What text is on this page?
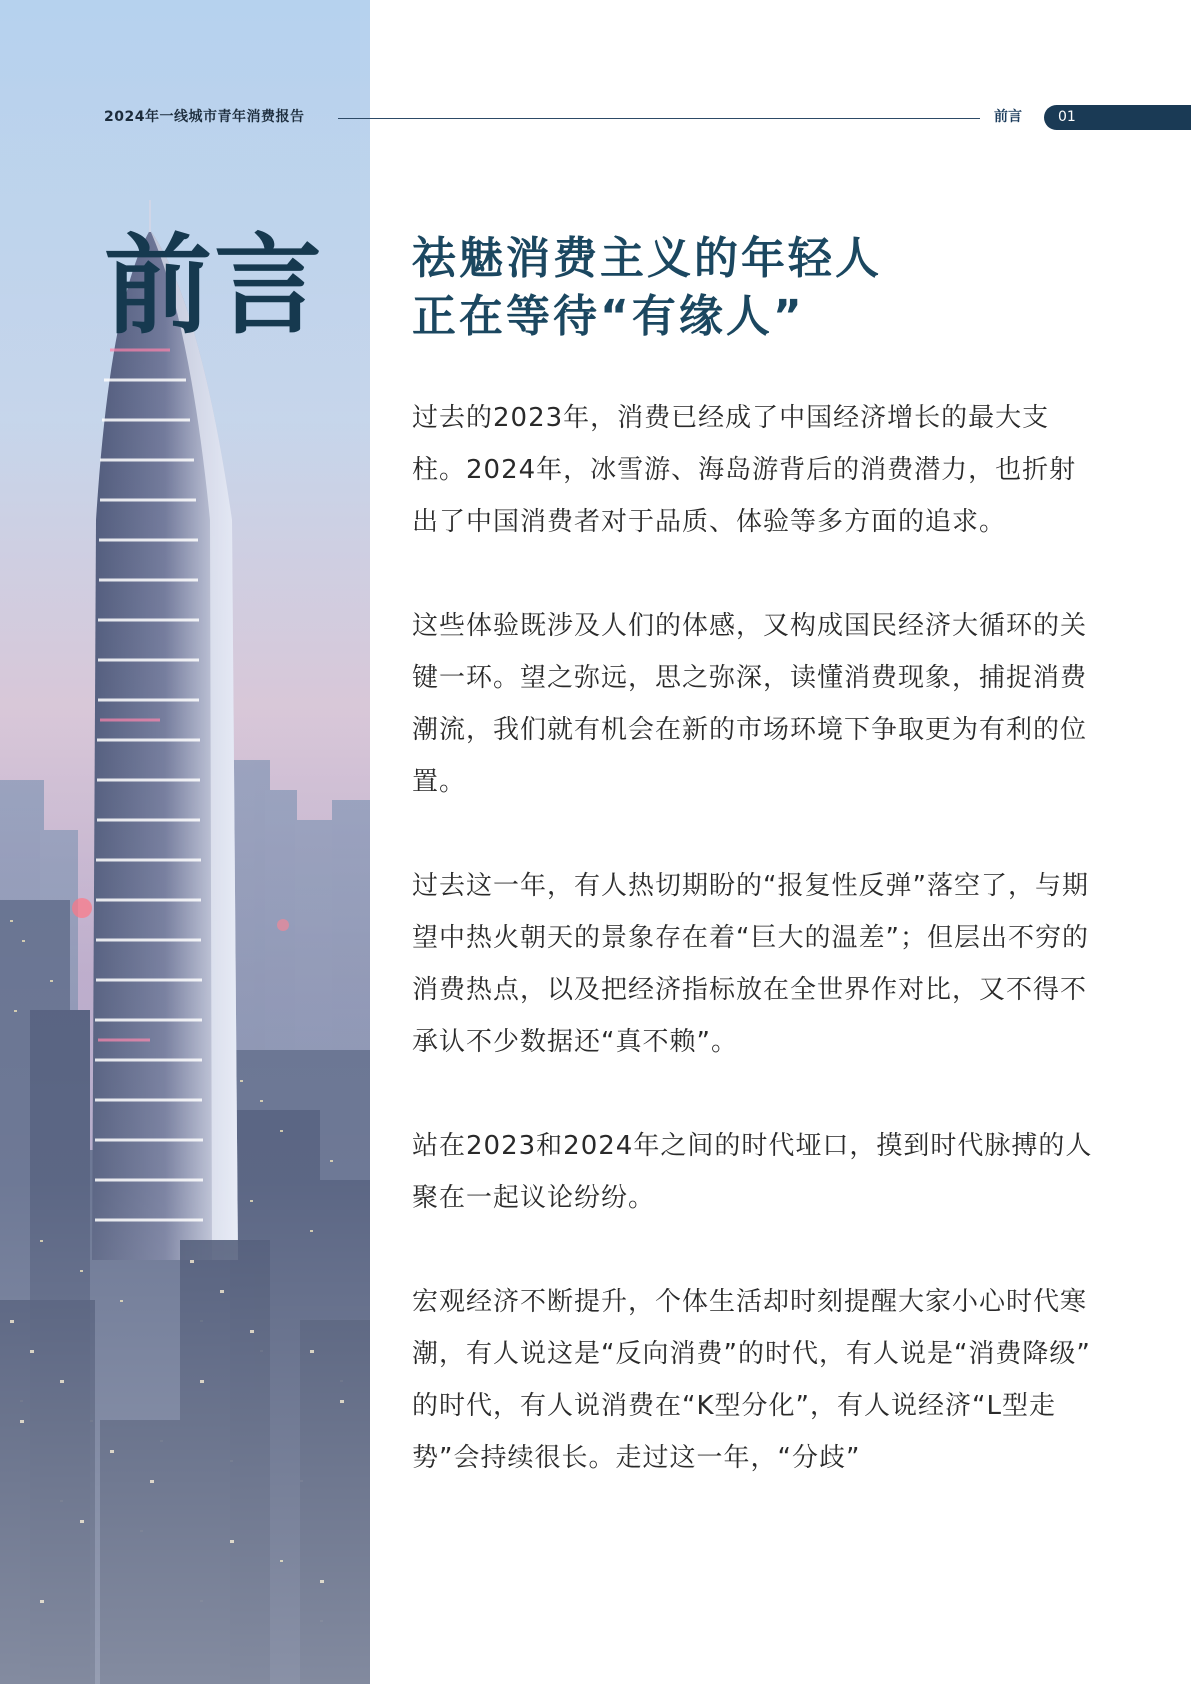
2024年一线城市青年消费报告	前言	01
前言 祛魅消费主义的年轻人
正在等待“有缘人”

过去的2023年，消费已经成了中国经济增长的最大支柱。2024年，冰雪游、海岛游背后的消费潜力，也折射出了中国消费者对于品质、体验等多方面的追求。

这些体验既涉及人们的体感，又构成国民经济大循环的关键一环。望之弥远，思之弥深，读懂消费现象，捕捉消费潮流，我们就有机会在新的市场环境下争取更为有利的位置。

过去这一年，有人热切期盼的“报复性反弹”落空了，与期望中热火朝天的景象存在着“巨大的温差”；但层出不穷的消费热点，以及把经济指标放在全世界作对比，又不得不承认不少数据还“真不赖”。

站在2023和2024年之间的时代垭口，摸到时代脉搏的人聚在一起议论纷纷。

宏观经济不断提升，个体生活却时刻提醒大家小心时代寒潮，有人说这是“反向消费”的时代，有人说是“消费降级” 的时代，有人说消费在“K型分化”，有人说经济“L型走势”会持续很长。走过这一年，“分歧”
